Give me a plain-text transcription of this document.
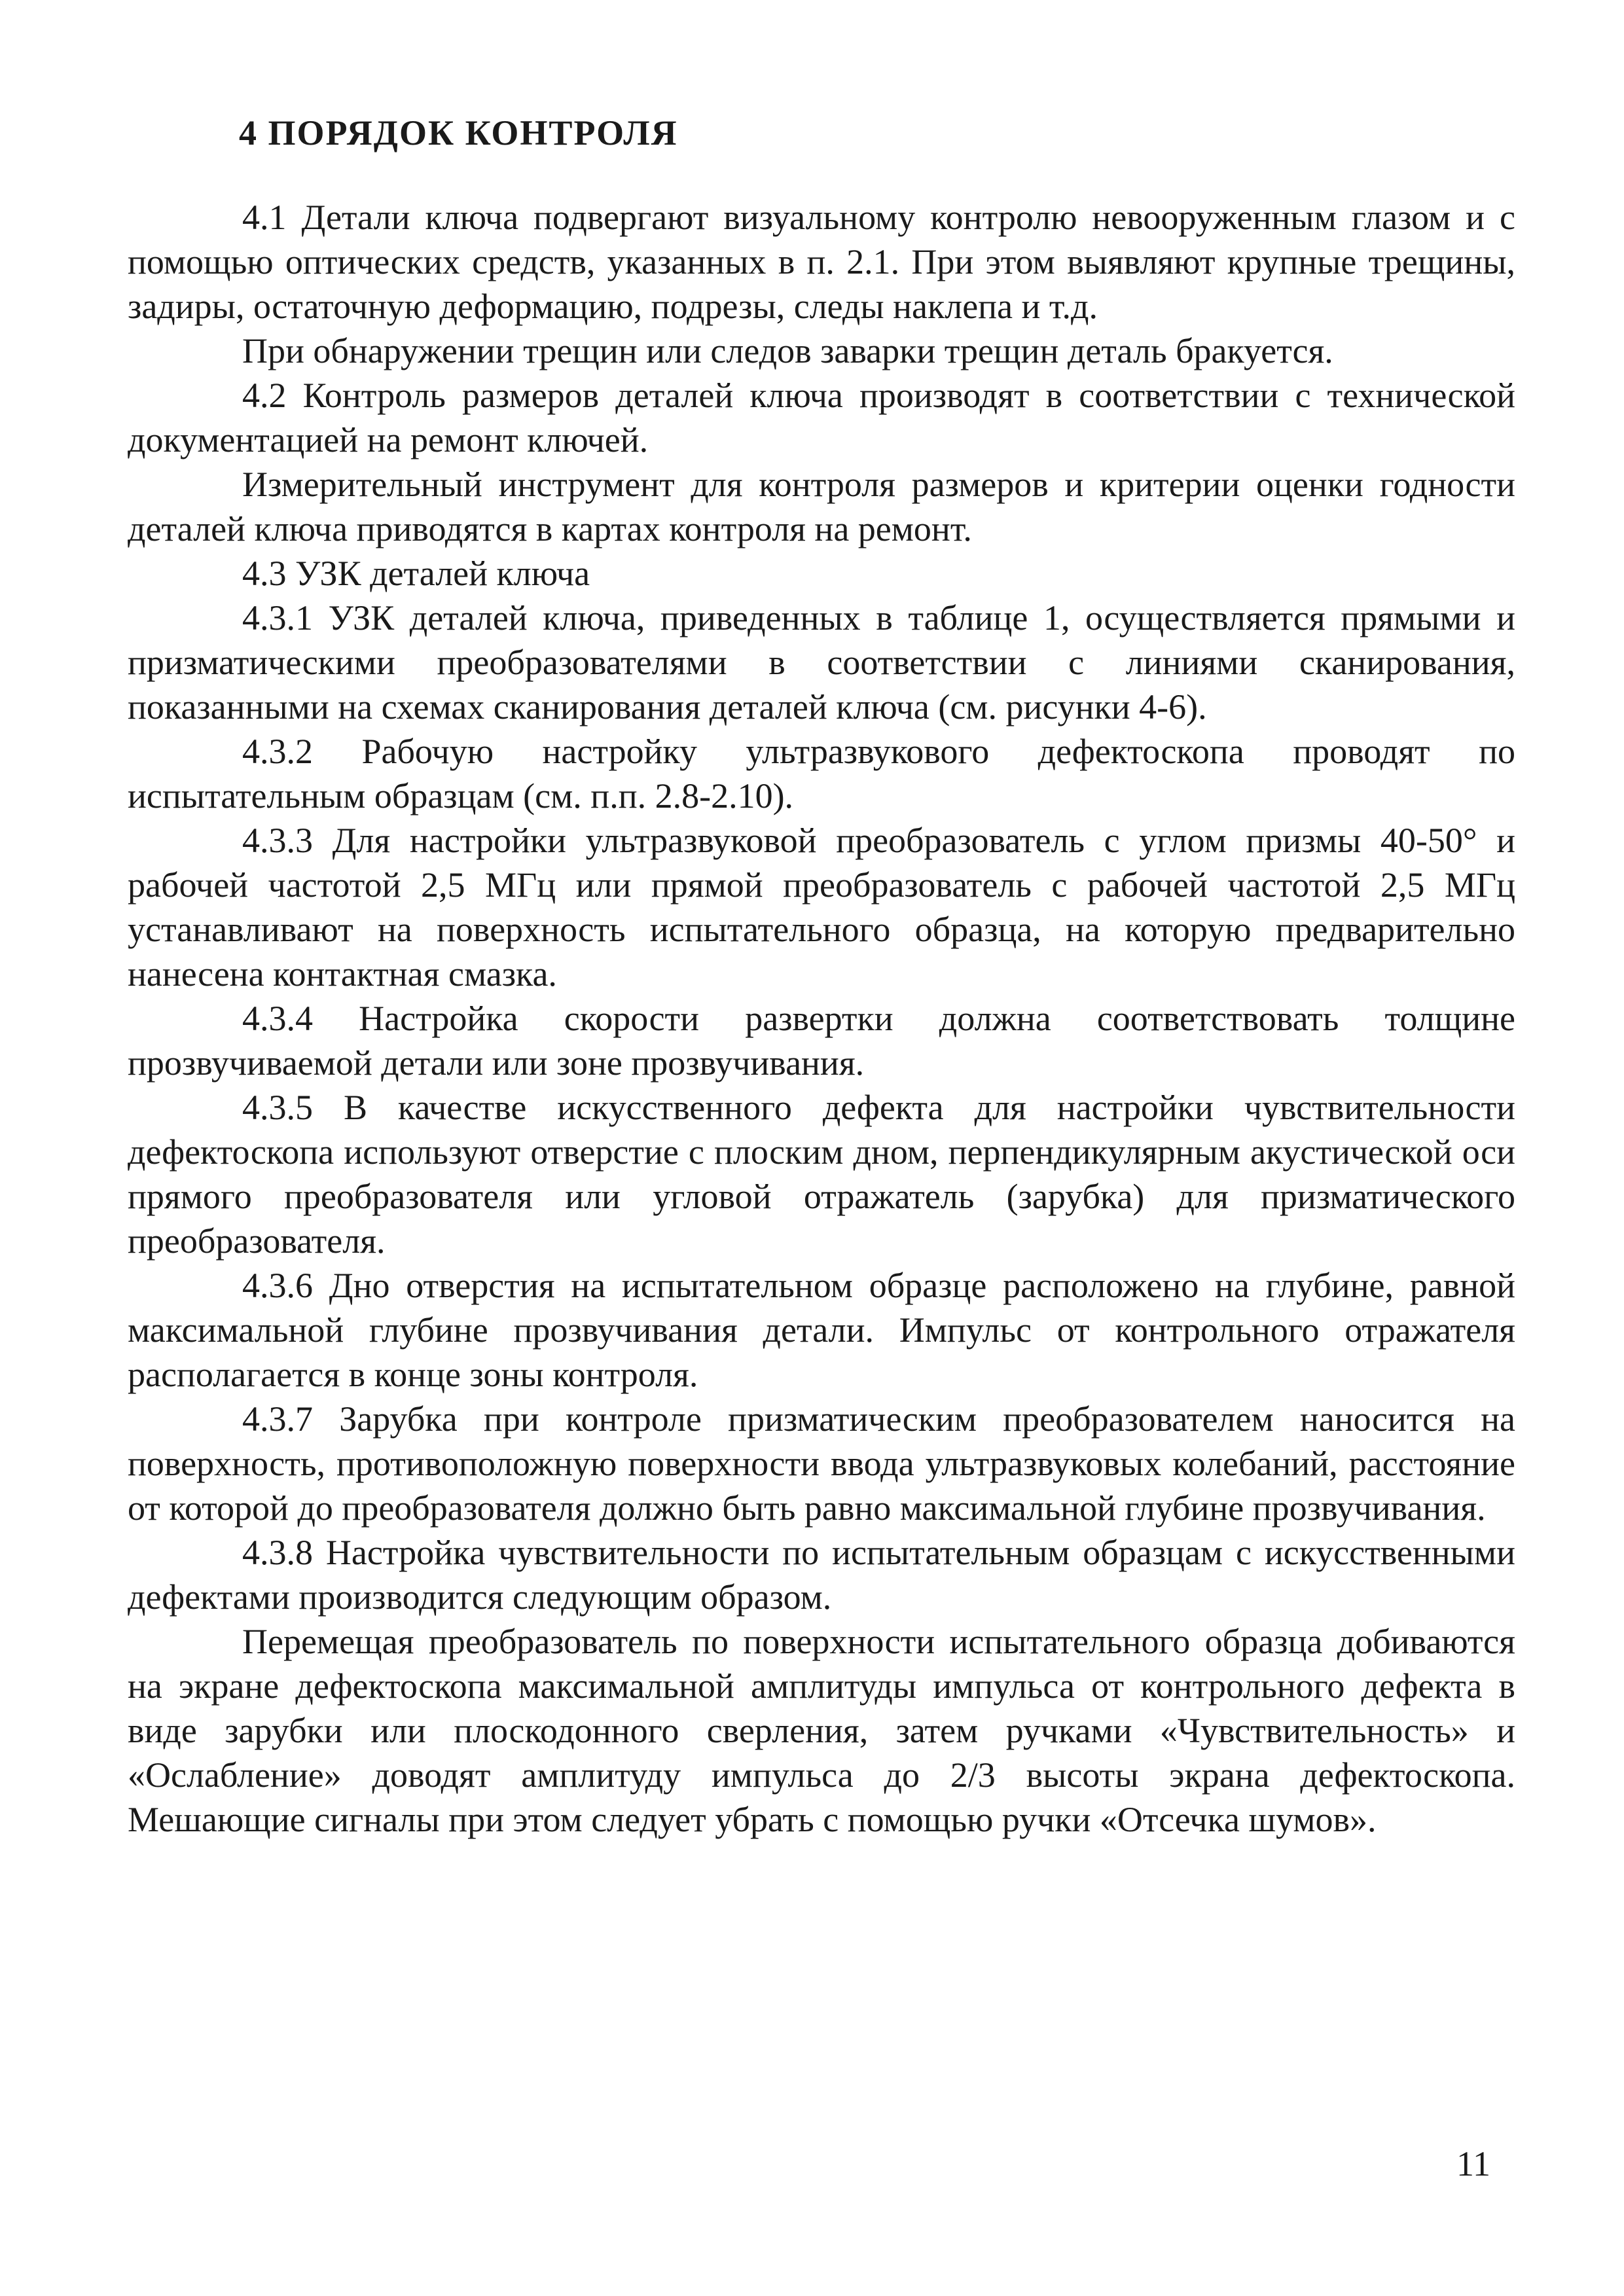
4 ПОРЯДОК КОНТРОЛЯ

4.1 Детали ключа подвергают визуальному контролю невооруженным глазом и с помощью оптических средств, указанных в п. 2.1. При этом выявляют крупные трещины, задиры, остаточную деформацию, подрезы, следы наклепа и т.д.

При обнаружении трещин или следов заварки трещин деталь бракуется.

4.2 Контроль размеров деталей ключа производят в соответствии с технической документацией на ремонт ключей.

Измерительный инструмент для контроля размеров и критерии оценки годности деталей ключа приводятся в картах контроля на ремонт.

4.3 УЗК деталей ключа

4.3.1 УЗК деталей ключа, приведенных в таблице 1, осуществляется прямыми и призматическими преобразователями в соответствии с линиями сканирования, показанными на схемах сканирования деталей ключа (см. рисунки 4-6).

4.3.2 Рабочую настройку ультразвукового дефектоскопа проводят по испытательным образцам (см. п.п. 2.8-2.10).

4.3.3 Для настройки ультразвуковой преобразователь с углом призмы 40-50° и рабочей частотой 2,5 МГц или прямой преобразователь с рабочей частотой 2,5 МГц устанавливают на поверхность испытательного образца, на которую предварительно нанесена контактная смазка.

4.3.4 Настройка скорости развертки должна соответствовать толщине прозвучиваемой детали или зоне прозвучивания.

4.3.5 В качестве искусственного дефекта для настройки чувствительности дефектоскопа используют отверстие с плоским дном, перпендикулярным акустической оси прямого преобразователя или угловой отражатель (зарубка) для призматического преобразователя.

4.3.6 Дно отверстия на испытательном образце расположено на глубине, равной максимальной глубине прозвучивания детали. Импульс от контрольного отражателя располагается в конце зоны контроля.

4.3.7 Зарубка при контроле призматическим преобразователем наносится на поверхность, противоположную поверхности ввода ультразвуковых колебаний, расстояние от которой до преобразователя должно быть равно максимальной глубине прозвучивания.

4.3.8 Настройка чувствительности по испытательным образцам с искусственными дефектами производится следующим образом.

Перемещая преобразователь по поверхности испытательного образца добиваются на экране дефектоскопа максимальной амплитуды импульса от контрольного дефекта в виде зарубки или плоскодонного сверления, затем ручками «Чувствительность» и «Ослабление» доводят амплитуду импульса до 2/3 высоты экрана дефектоскопа. Мешающие сигналы при этом следует убрать с помощью ручки «Отсечка шумов».

11
